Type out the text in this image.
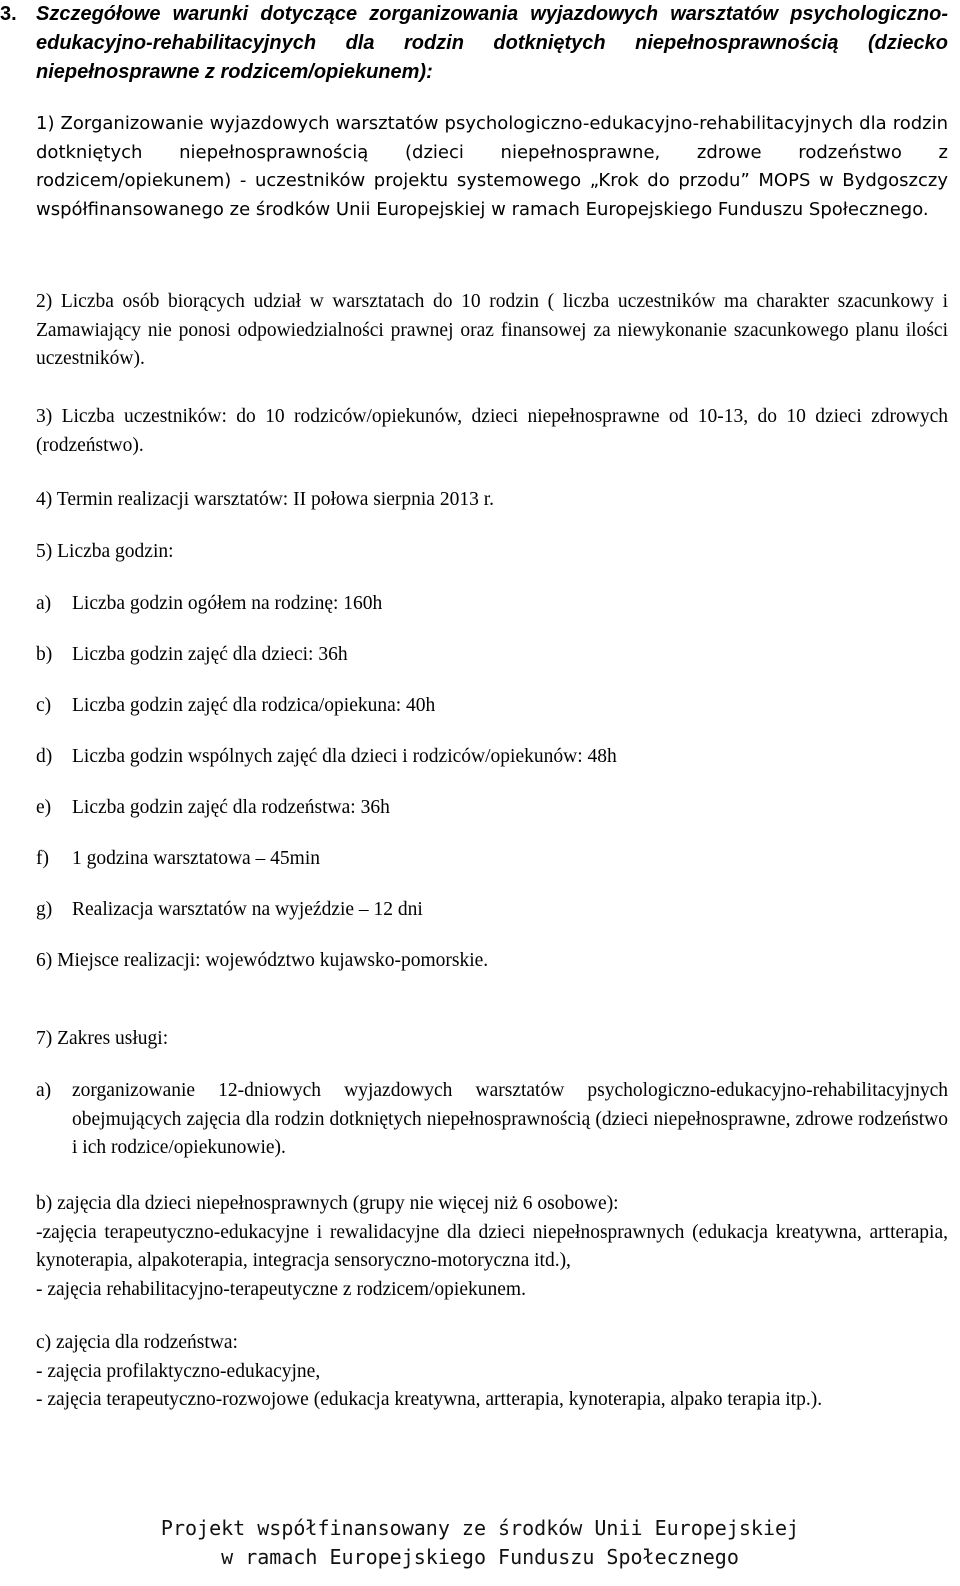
3. Szczegółowe warunki dotyczące zorganizowania wyjazdowych warsztatów psychologiczno-edukacyjno-rehabilitacyjnych dla rodzin dotkniętych niepełnosprawnością (dziecko niepełnosprawne z rodzicem/opiekunem):
1) Zorganizowanie wyjazdowych warsztatów psychologiczno-edukacyjno-rehabilitacyjnych dla rodzin dotkniętych niepełnosprawnością (dzieci niepełnosprawne, zdrowe rodzeństwo z rodzicem/opiekunem) - uczestników projektu systemowego „Krok do przodu” MOPS w Bydgoszczy współfinansowanego ze środków Unii Europejskiej w ramach Europejskiego Funduszu Społecznego.
2) Liczba osób biorących udział w warsztatach do 10 rodzin ( liczba uczestników ma charakter szacunkowy i Zamawiający nie ponosi odpowiedzialności prawnej oraz finansowej za niewykonanie szacunkowego planu ilości uczestników).
3) Liczba uczestników: do 10 rodziców/opiekunów, dzieci niepełnosprawne od 10-13, do 10 dzieci zdrowych (rodzeństwo).
4) Termin realizacji warsztatów: II połowa sierpnia 2013 r.
5) Liczba godzin:
a) Liczba godzin ogółem na rodzinę: 160h
b) Liczba godzin zajęć dla dzieci: 36h
c) Liczba godzin zajęć dla rodzica/opiekuna: 40h
d) Liczba godzin wspólnych zajęć dla dzieci i rodziców/opiekunów: 48h
e) Liczba godzin zajęć dla rodzeństwa: 36h
f) 1 godzina warsztatowa – 45min
g) Realizacja warsztatów na wyjeździe – 12 dni
6) Miejsce realizacji: województwo kujawsko-pomorskie.
7) Zakres usługi:
a) zorganizowanie 12-dniowych wyjazdowych warsztatów psychologiczno-edukacyjno-rehabilitacyjnych obejmujących zajęcia dla rodzin dotkniętych niepełnosprawnością (dzieci niepełnosprawne, zdrowe rodzeństwo i ich rodzice/opiekunowie).
b) zajęcia dla dzieci niepełnosprawnych (grupy nie więcej niż 6 osobowe):
-zajęcia terapeutyczno-edukacyjne i rewalidacyjne dla dzieci niepełnosprawnych (edukacja kreatywna, artterapia, kynoterapia, alpakoterapia, integracja sensoryczno-motoryczna itd.),
- zajęcia rehabilitacyjno-terapeutyczne z rodzicem/opiekunem.
c) zajęcia dla rodzeństwa:
- zajęcia profilaktyczno-edukacyjne,
- zajęcia terapeutyczno-rozwojowe (edukacja kreatywna, artterapia, kynoterapia, alpako terapia itp.).
Projekt współfinansowany ze środków Unii Europejskiej
w ramach Europejskiego Funduszu Społecznego
